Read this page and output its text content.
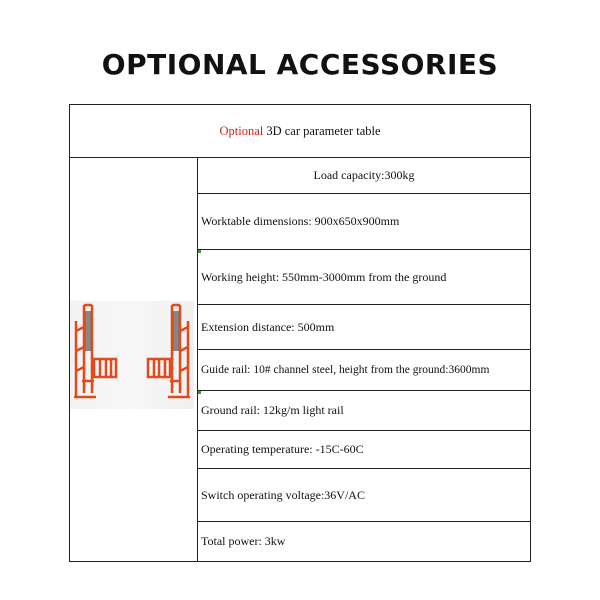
OPTIONAL ACCESSORIES
Optional 3D car parameter table
Load capacity:300kg
Worktable dimensions: 900x650x900mm
Working height: 550mm-3000mm from the ground
Extension distance: 500mm
Guide rail: 10# channel steel, height from the ground:3600mm
Ground rail: 12kg/m light rail
Operating temperature: -15C-60C
Switch operating voltage:36V/AC
Total power: 3kw
